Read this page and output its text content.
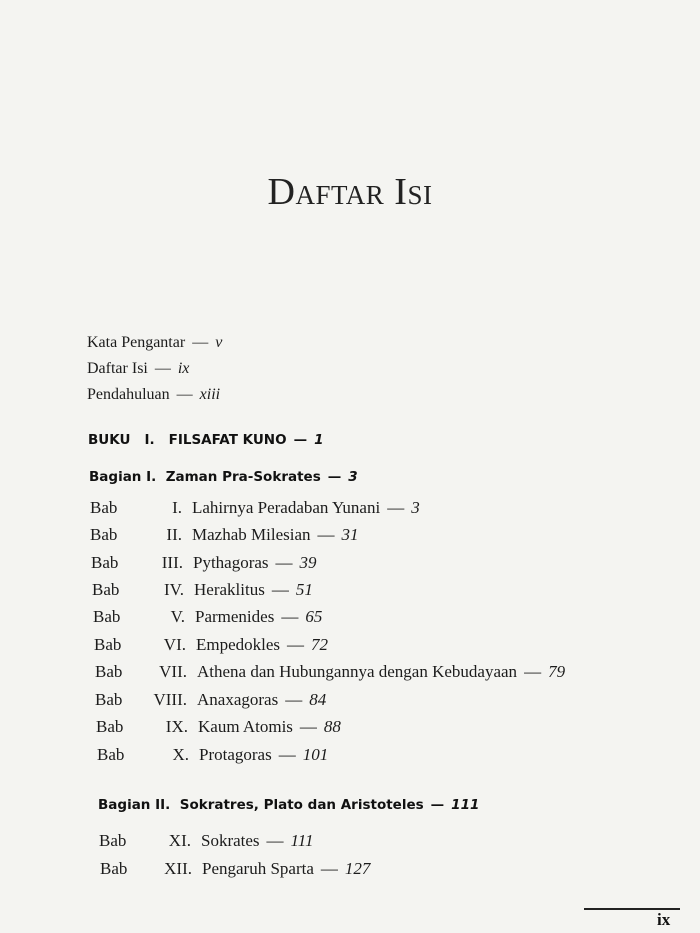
Daftar Isi
Kata Pengantar — v
Daftar Isi — ix
Pendahuluan — xiii
BUKU I. FILSAFAT KUNO — 1
Bagian I. Zaman Pra-Sokrates — 3
Bab	I. Lahirnya Peradaban Yunani — 3
Bab	II. Mazhab Milesian — 31
Bab	III. Pythagoras — 39
Bab	IV. Heraklitus — 51
Bab	V. Parmenides — 65
Bab VI. Empedokles — 72
Bab VII. Athena dan Hubungannya dengan Kebudayaan — 79
Bab VIII. Anaxagoras — 84
Bab IX. Kaum Atomis — 88
Bab	X. Protagoras — 101
Bagian II. Sokratres, Plato dan Aristoteles — 111
Bab XI. Sokrates — 111
Bab XII. Pengaruh Sparta — 127
ix
